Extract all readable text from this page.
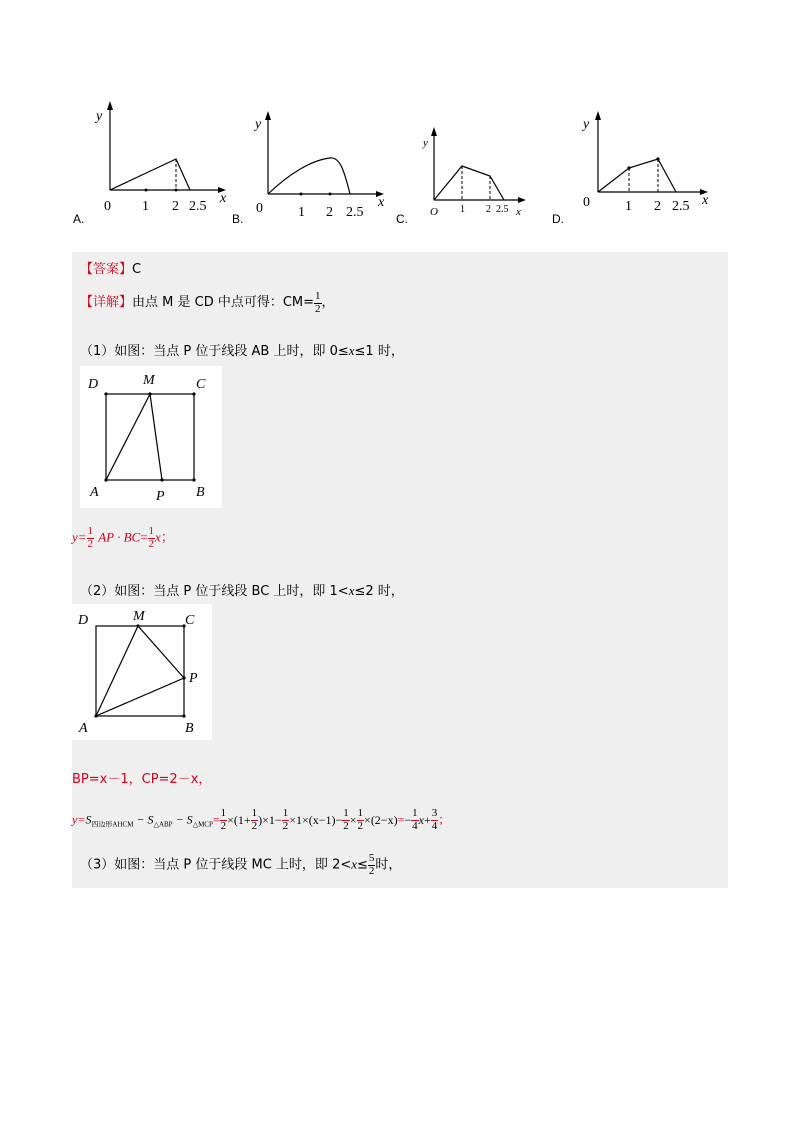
y
x
0 1 2 2.5
A.
y
x
0	1 2 2.5
B.
y
x
O 1 2 2.5
C.
y
x
0	1 2 2.5
D.
【答案】C
【详解】由点 M 是 CD 中点可得：$CM= \frac{1}{2}$ ，
（1）如图：当点 P 位于线段 AB 上时，即 0≤x≤1 时，
D	M	C
A	P B
$y= \frac{1}{2}$ AP · $BC= \frac{1}{2}$ x；
（2）如图：当点 P 位于线段 BC 上时，即 1<x≤2 时，
D	M	C
P
A	B
BP=x－1，CP=2－x，
$y=S_{四边形AHCM} - S_{\triangle ABP} - S_{\triangle MCP}= \frac{1}{2} \times(1+ \frac{1}{2} )\times 1- \frac{1}{2} \times 1\times(x-1)- \frac{1}{2} \times \frac{1}{2} \times(2-x)=- \frac{1}{4} x+ \frac{3}{4}$ ；
（3）如图：当点 P 位于线段 MC 上时，即 $2<x\le \frac{5}{2}$ 时，
